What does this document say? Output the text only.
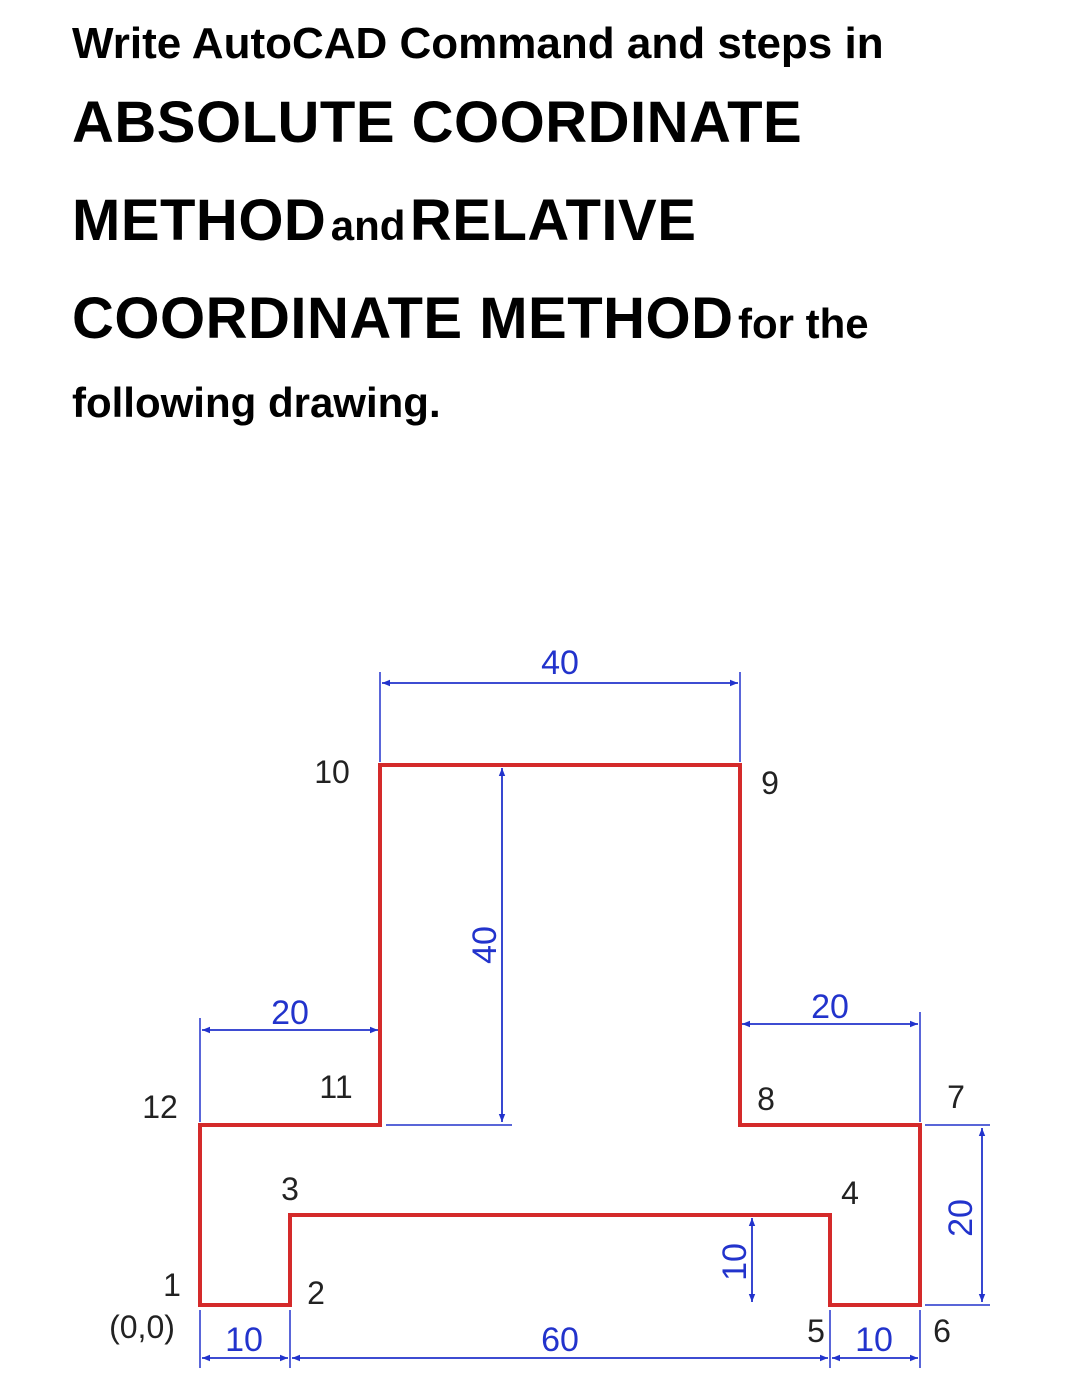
Write AutoCAD Command and steps in
ABSOLUTE COORDINATE
METHOD and RELATIVE
COORDINATE METHOD for the
following drawing.
40
20	20
40
10
20
10	60	10
1
(0,0)
2
3	4
5	6
7
8
9
10
11
12
